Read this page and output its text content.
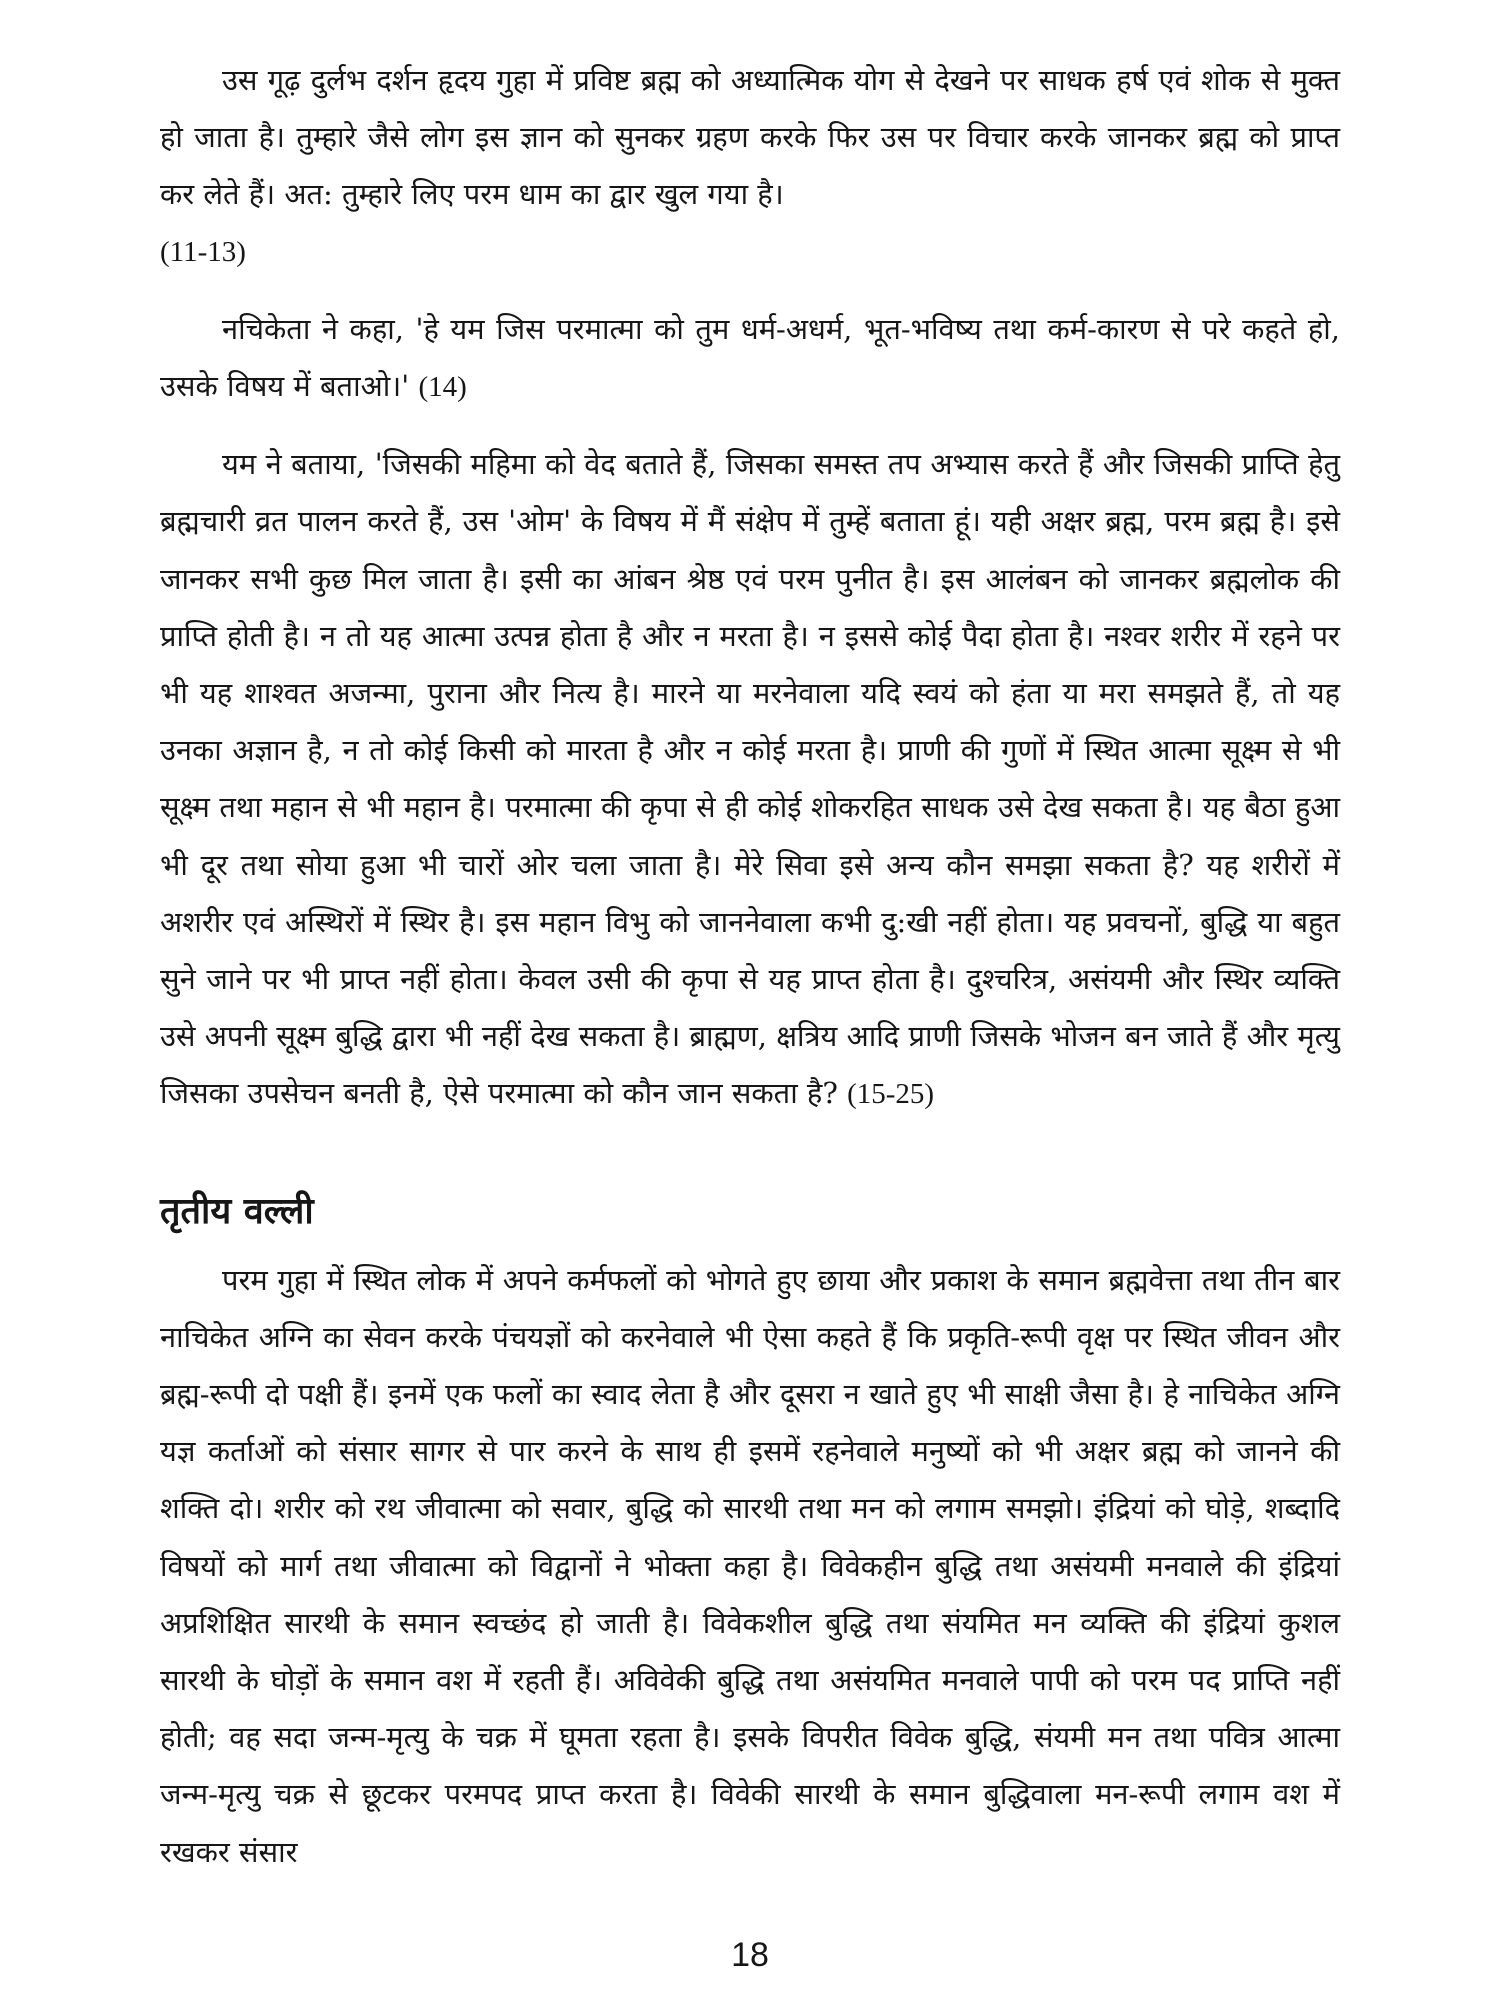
उस गूढ़ दुर्लभ दर्शन हृदय गुहा में प्रविष्ट ब्रह्म को अध्यात्मिक योग से देखने पर साधक हर्ष एवं शोक से मुक्त हो जाता है। तुम्हारे जैसे लोग इस ज्ञान को सुनकर ग्रहण करके फिर उस पर विचार करके जानकर ब्रह्म को प्राप्त कर लेते हैं। अत: तुम्हारे लिए परम धाम का द्वार खुल गया है।
(11-13)

नचिकेता ने कहा, 'हे यम जिस परमात्मा को तुम धर्म-अधर्म, भूत-भविष्य तथा कर्म-कारण से परे कहते हो, उसके विषय में बताओ।' (14)

यम ने बताया, 'जिसकी महिमा को वेद बताते हैं, जिसका समस्त तप अभ्यास करते हैं और जिसकी प्राप्ति हेतु ब्रह्मचारी व्रत पालन करते हैं, उस 'ओम' के विषय में मैं संक्षेप में तुम्हें बताता हूं। यही अक्षर ब्रह्म, परम ब्रह्म है। इसे जानकर सभी कुछ मिल जाता है। इसी का आंबन श्रेष्ठ एवं परम पुनीत है। इस आलंबन को जानकर ब्रह्मलोक की प्राप्ति होती है। न तो यह आत्मा उत्पन्न होता है और न मरता है। न इससे कोई पैदा होता है। नश्वर शरीर में रहने पर भी यह शाश्वत अजन्मा, पुराना और नित्य है। मारने या मरनेवाला यदि स्वयं को हंता या मरा समझते हैं, तो यह उनका अज्ञान है, न तो कोई किसी को मारता है और न कोई मरता है। प्राणी की गुणों में स्थित आत्मा सूक्ष्म से भी सूक्ष्म तथा महान से भी महान है। परमात्मा की कृपा से ही कोई शोकरहित साधक उसे देख सकता है। यह बैठा हुआ भी दूर तथा सोया हुआ भी चारों ओर चला जाता है। मेरे सिवा इसे अन्य कौन समझा सकता है? यह शरीरों में अशरीर एवं अस्थिरों में स्थिर है। इस महान विभु को जाननेवाला कभी दु:खी नहीं होता। यह प्रवचनों, बुद्धि या बहुत सुने जाने पर भी प्राप्त नहीं होता। केवल उसी की कृपा से यह प्राप्त होता है। दुश्चरित्र, असंयमी और स्थिर व्यक्ति उसे अपनी सूक्ष्म बुद्धि द्वारा भी नहीं देख सकता है। ब्राह्मण, क्षत्रिय आदि प्राणी जिसके भोजन बन जाते हैं और मृत्यु जिसका उपसेचन बनती है, ऐसे परमात्मा को कौन जान सकता है? (15-25)

तृतीय वल्ली

परम गुहा में स्थित लोक में अपने कर्मफलों को भोगते हुए छाया और प्रकाश के समान ब्रह्मवेत्ता तथा तीन बार नाचिकेत अग्नि का सेवन करके पंचयज्ञों को करनेवाले भी ऐसा कहते हैं कि प्रकृति-रूपी वृक्ष पर स्थित जीवन और ब्रह्म-रूपी दो पक्षी हैं। इनमें एक फलों का स्वाद लेता है और दूसरा न खाते हुए भी साक्षी जैसा है। हे नाचिकेत अग्नि यज्ञ कर्ताओं को संसार सागर से पार करने के साथ ही इसमें रहनेवाले मनुष्यों को भी अक्षर ब्रह्म को जानने की शक्ति दो। शरीर को रथ जीवात्मा को सवार, बुद्धि को सारथी तथा मन को लगाम समझो। इंद्रियां को घोड़े, शब्दादि विषयों को मार्ग तथा जीवात्मा को विद्वानों ने भोक्ता कहा है। विवेकहीन बुद्धि तथा असंयमी मनवाले की इंद्रियां अप्रशिक्षित सारथी के समान स्वच्छंद हो जाती है। विवेकशील बुद्धि तथा संयमित मन व्यक्ति की इंद्रियां कुशल सारथी के घोड़ों के समान वश में रहती हैं। अविवेकी बुद्धि तथा असंयमित मनवाले पापी को परम पद प्राप्ति नहीं होती; वह सदा जन्म-मृत्यु के चक्र में घूमता रहता है। इसके विपरीत विवेक बुद्धि, संयमी मन तथा पवित्र आत्मा जन्म-मृत्यु चक्र से छूटकर परमपद प्राप्त करता है। विवेकी सारथी के समान बुद्धिवाला मन-रूपी लगाम वश में रखकर संसार

18
